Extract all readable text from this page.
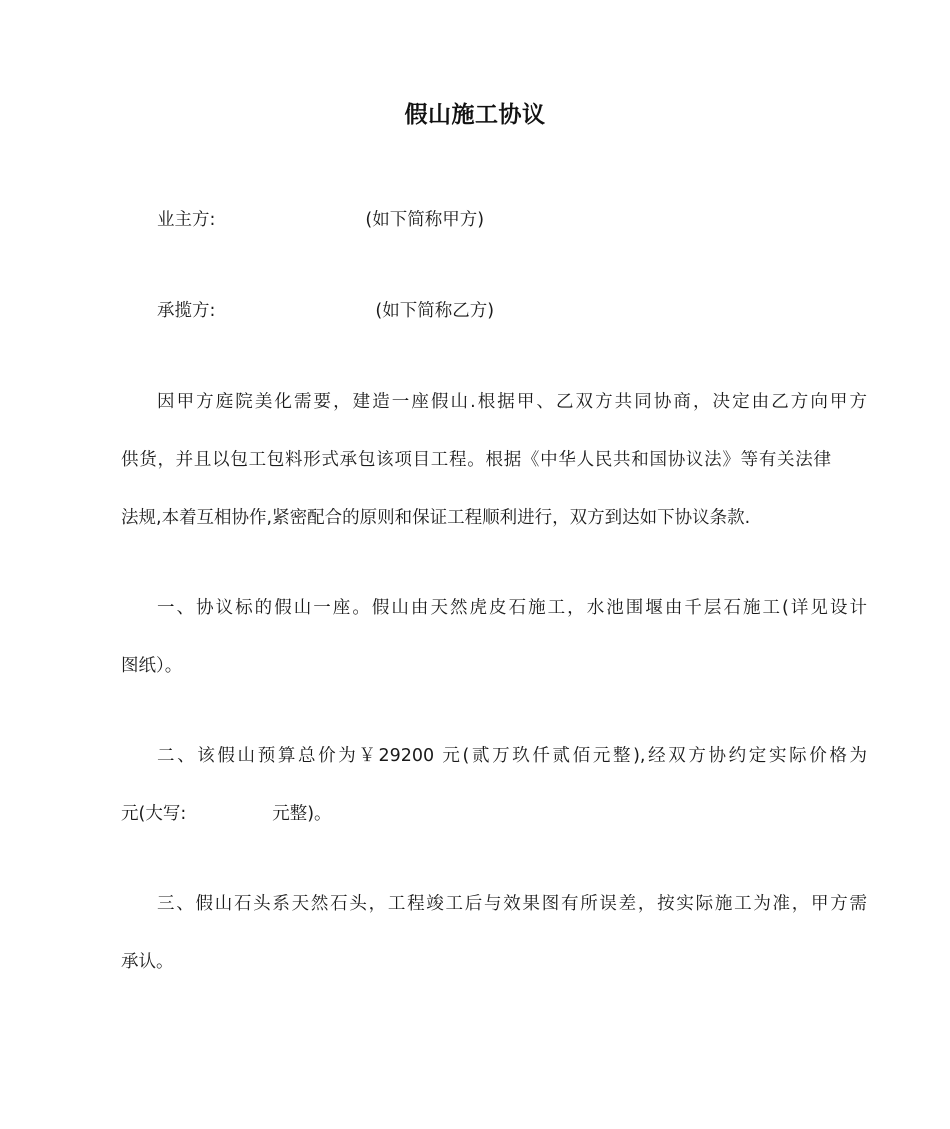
假山施工协议
业主方:	(如下简称甲方)
承揽方:	(如下简称乙方)
因甲方庭院美化需要，建造一座假山.根据甲、乙双方共同协商，决定由乙方向甲方
供货，并且以包工包料形式承包该项目工程。根据《中华人民共和国协议法》等有关法律
法规,本着互相协作,紧密配合的原则和保证工程顺利进行，双方到达如下协议条款.
一、协议标的假山一座。假山由天然虎皮石施工，水池围堰由千层石施工(详见设计
图纸）。
二、该假山预算总价为￥29200 元(贰万玖仟贰佰元整),经双方协约定实际价格为
元(大写:	元整)。
三、假山石头系天然石头，工程竣工后与效果图有所误差，按实际施工为准，甲方需
承认。
